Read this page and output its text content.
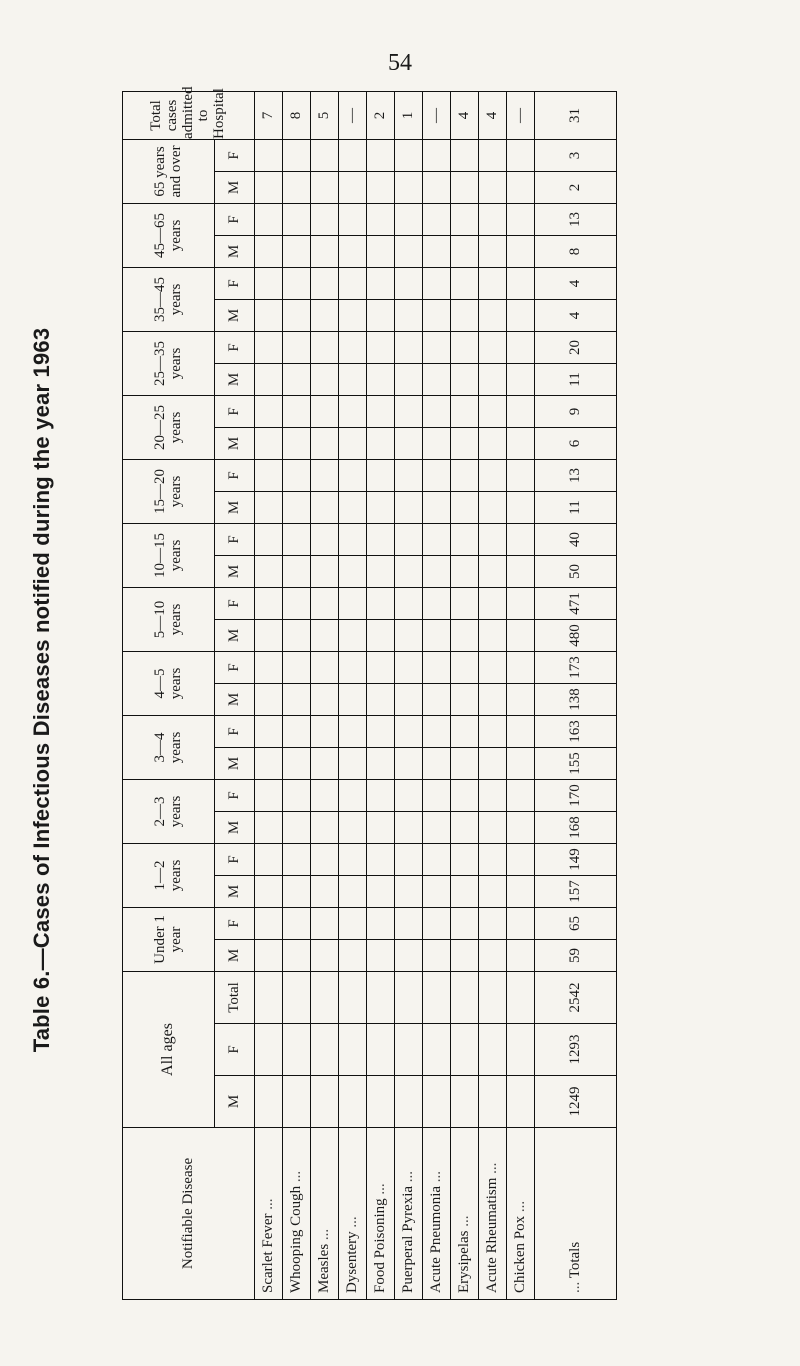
54
Table 6.—Cases of Infectious Diseases notified during the year 1963
Notifiable Disease	All ages			Under 1 year		1—2 years		2—3 years		3—4 years		4—5 years		5—10 years		10—15 years		15—20 years		20—25 years		25—35 years		35—45 years		45—65 years		65 years and over		Total cases admitted to Hospital
	M	F	Total	M	F	M	F	M	F	M	F	M	F	M	F	M	F	M	F	M	F	M	F	M	F	M	F	M	F	
Scarlet Fever ...																														7
Whooping Cough ...																														8
Measles ...																														5
Dysentery ...																														—
Food Poisoning ...																														2
Puerperal Pyrexia ...																														1
Acute Pneumonia ...																														—
Erysipelas ...																														4
Acute Rheumatism ...																														4
Chicken Pox ...																														—
... Totals	1249	1293	2542	59	65	157	149	168	170	155	163	138	173	480	471	50	40	11	13	6	9	11	20	4	4	8	13	2	3	31
